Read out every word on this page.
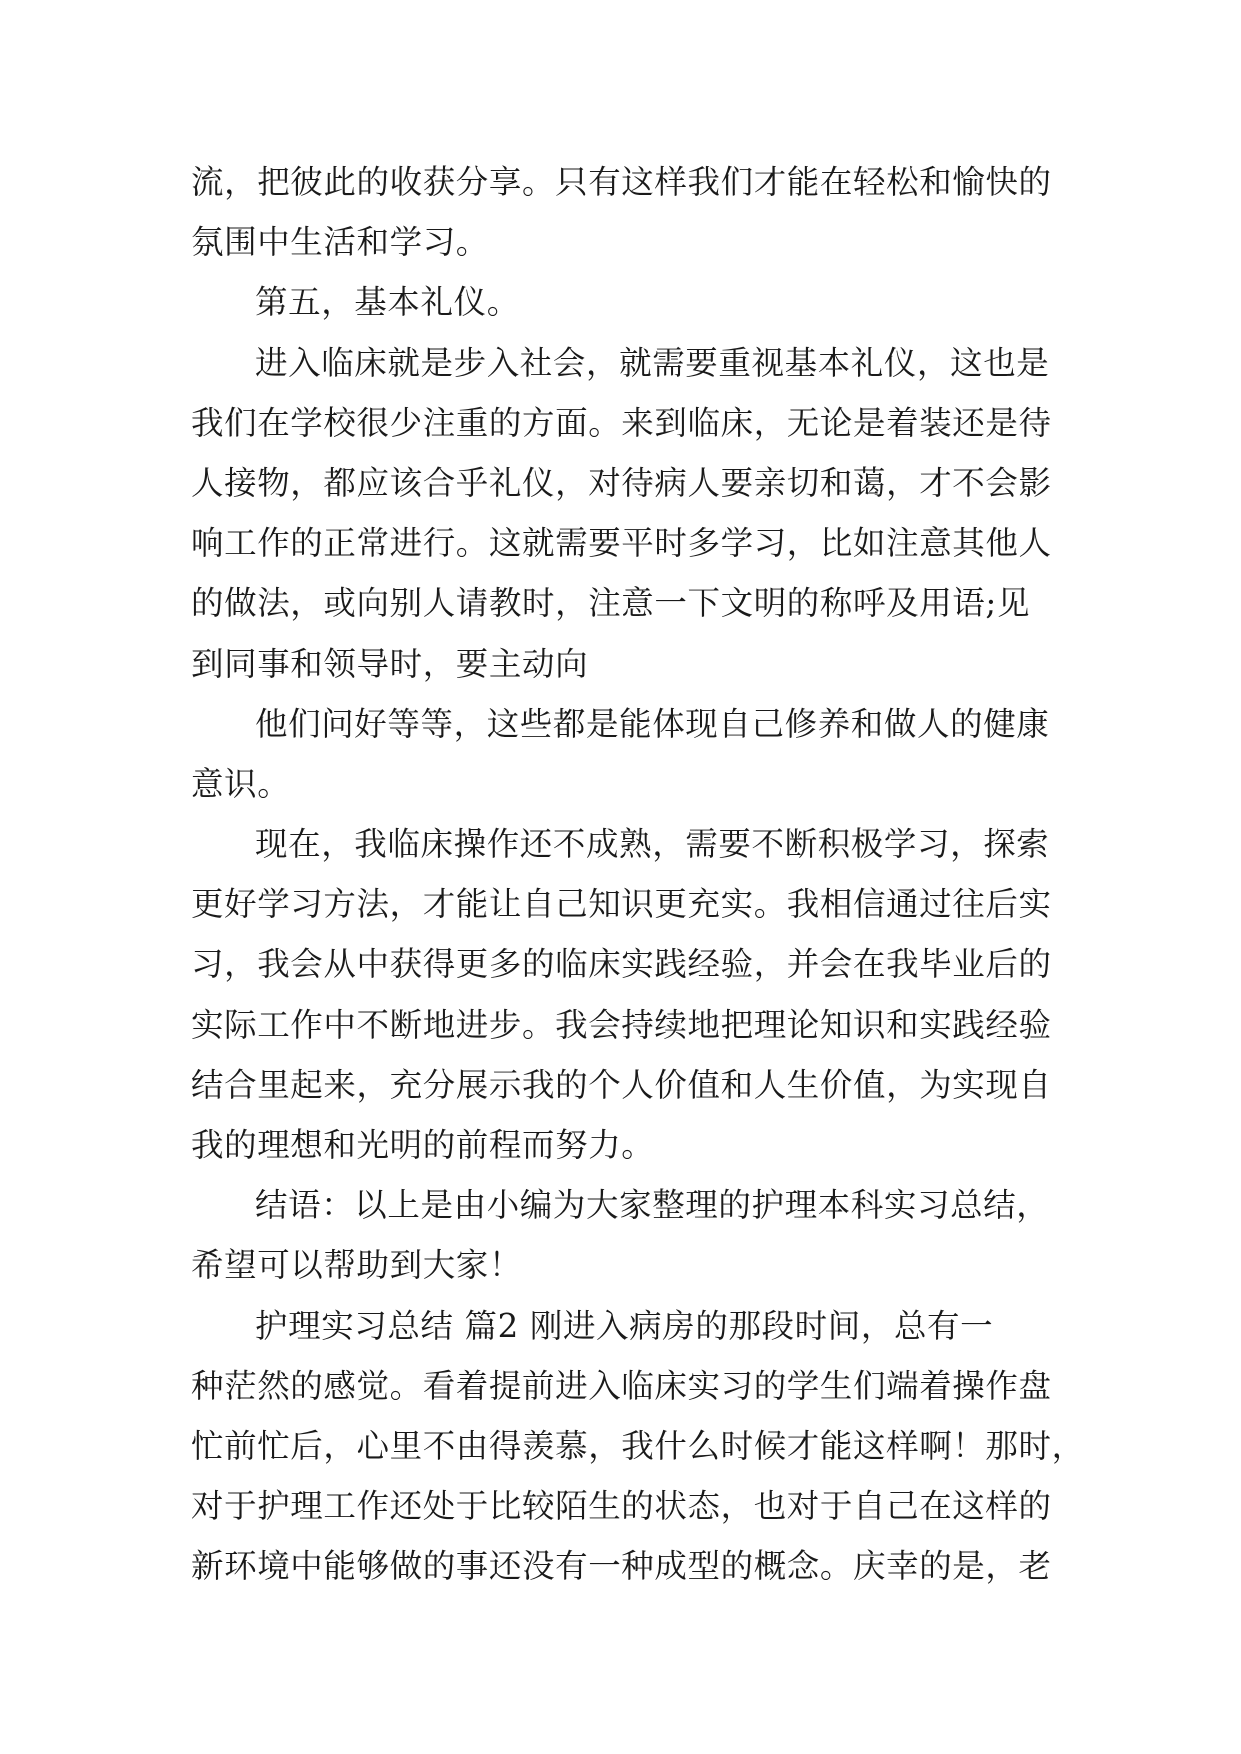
流，把彼此的收获分享。只有这样我们才能在轻松和愉快的
氛围中生活和学习。
第五，基本礼仪。
进入临床就是步入社会，就需要重视基本礼仪，这也是
我们在学校很少注重的方面。来到临床，无论是着装还是待
人接物，都应该合乎礼仪，对待病人要亲切和蔼，才不会影
响工作的正常进行。这就需要平时多学习，比如注意其他人
的做法，或向别人请教时，注意一下文明的称呼及用语;见
到同事和领导时，要主动向
他们问好等等，这些都是能体现自己修养和做人的健康
意识。
现在，我临床操作还不成熟，需要不断积极学习，探索
更好学习方法，才能让自己知识更充实。我相信通过往后实
习，我会从中获得更多的临床实践经验，并会在我毕业后的
实际工作中不断地进步。我会持续地把理论知识和实践经验
结合里起来，充分展示我的个人价值和人生价值，为实现自
我的理想和光明的前程而努力。
结语：以上是由小编为大家整理的护理本科实习总结，
希望可以帮助到大家！
护理实习总结 篇2 刚进入病房的那段时间，总有一
种茫然的感觉。看着提前进入临床实习的学生们端着操作盘
忙前忙后，心里不由得羡慕，我什么时候才能这样啊！那时，
对于护理工作还处于比较陌生的状态，也对于自己在这样的
新环境中能够做的事还没有一种成型的概念。庆幸的是，老
